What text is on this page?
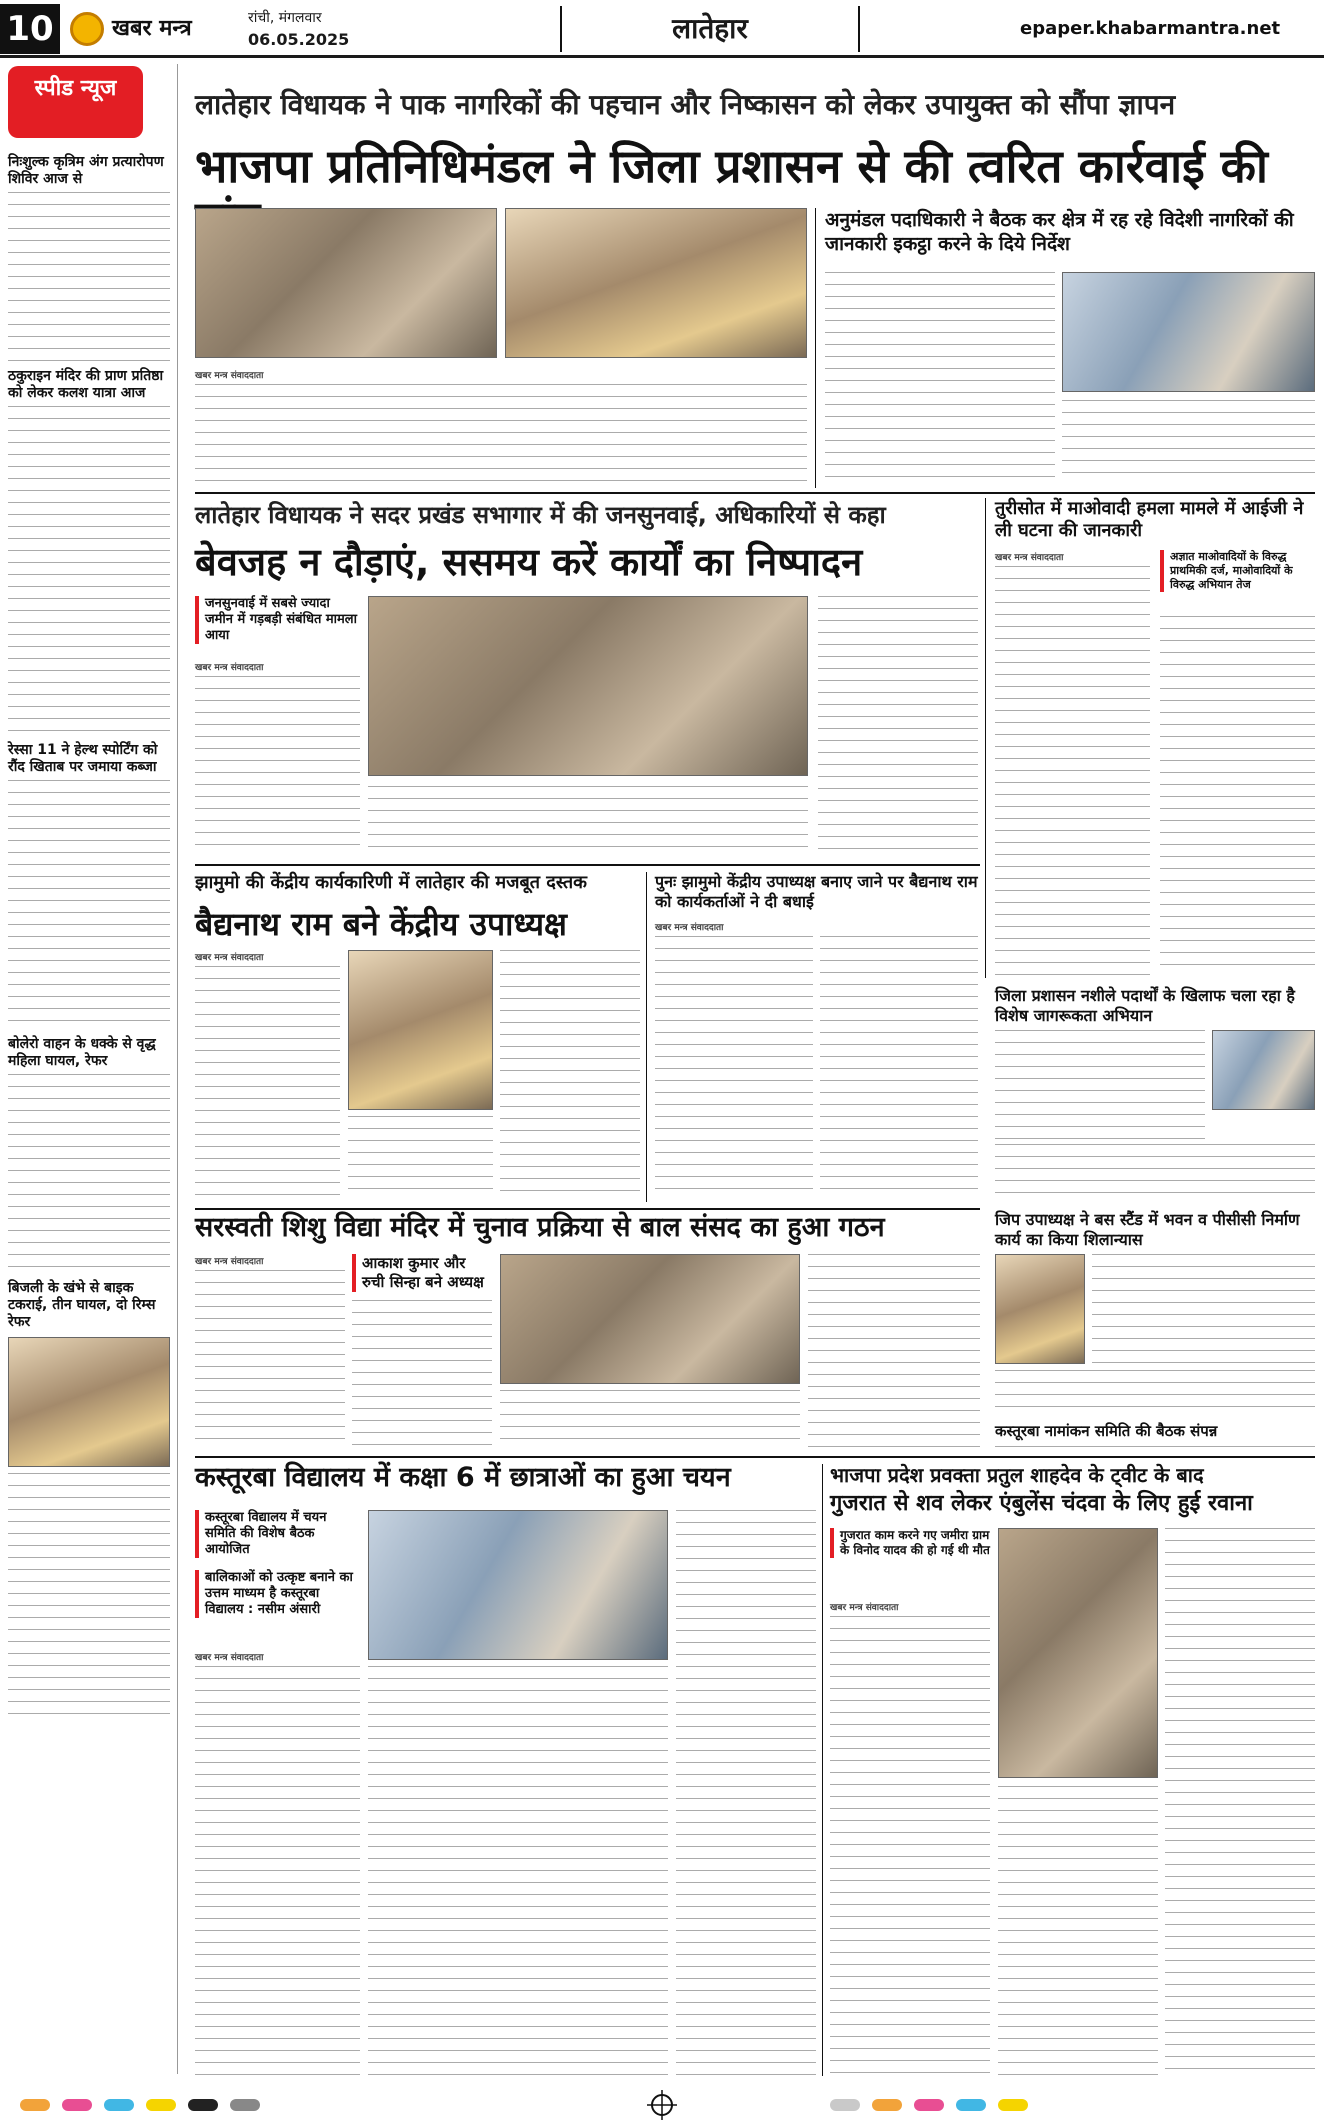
10	खबर मन्त्र	रांची, मंगलवार
06.05.2025	लातेहार	epaper.khabarmantra.net
स्पीड न्यूज
निःशुल्क कृत्रिम अंग प्रत्यारोपण शिविर आज से
ठकुराइन मंदिर की प्राण प्रतिष्ठा को लेकर कलश यात्रा आज
रेस्सा 11 ने हेल्थ स्पोर्टिंग को रौंद खिताब पर जमाया कब्जा
बोलेरो वाहन के धक्के से वृद्ध महिला घायल, रेफर
बिजली के खंभे से बाइक टकराई, तीन घायल, दो रिम्स रेफर
लातेहार विधायक ने पाक नागरिकों की पहचान और निष्कासन को लेकर उपायुक्त को सौंपा ज्ञापन
भाजपा प्रतिनिधिमंडल ने जिला प्रशासन से की त्वरित कार्रवाई की
खबर मन्त्र संवाददाता
अनुमंडल पदाधिकारी ने बैठक कर क्षेत्र में रह रहे विदेशी नागरिकों की जानकारी इकट्ठा करने के दिये निर्देश
लातेहार विधायक ने सदर प्रखंड सभागार में की जनसुनवाई, अधिकारियों से कहा
बेवजह न दौड़ाएं, ससमय करें कार्यों का निष्पादन
जनसुनवाई में सबसे ज्यादा जमीन में गड़बड़ी संबंधित मामला आया
खबर मन्त्र संवाददाता
तुरीसोत में माओवादी हमला मामले में आईजी ने ली घटना की जानकारी
खबर मन्त्र संवाददाता	अज्ञात माओवादियों के विरुद्ध प्राथमिकी दर्ज, माओवादियों के विरुद्ध अभियान तेज
झामुमो की केंद्रीय कार्यकारिणी में लातेहार की मजबूत दस्तक
बैद्यनाथ राम बने केंद्रीय उपाध्यक्ष
खबर मन्त्र संवाददाता
पुनः झामुमो केंद्रीय उपाध्यक्ष बनाए जाने पर बैद्यनाथ राम को कार्यकर्ताओं ने दी बधाई
खबर मन्त्र संवाददाता
जिला प्रशासन नशीले पदार्थों के खिलाफ चला रहा है विशेष जागरूकता अभियान
जिप उपाध्यक्ष ने बस स्टैंड में भवन व पीसीसी निर्माण कार्य का किया शिलान्यास
सरस्वती शिशु विद्या मंदिर में चुनाव प्रक्रिया से बाल संसद का हुआ गठन
खबर मन्त्र संवाददाता	आकाश कुमार और रुची सिन्हा बने अध्यक्ष
कस्तूरबा नामांकन समिति की बैठक संपन्न
कस्तूरबा विद्यालय में कक्षा 6 में छात्राओं का हुआ चयन
कस्तूरबा विद्यालय में चयन समिति की विशेष बैठक आयोजित
बालिकाओं को उत्कृष्ट बनाने का उत्तम माध्यम है कस्तूरबा विद्यालय : नसीम अंसारी
खबर मन्त्र संवाददाता
भाजपा प्रदेश प्रवक्ता प्रतुल शाहदेव के ट्वीट के बाद
गुजरात से शव लेकर एंबुलेंस चंदवा के लिए हुई रवाना
गुजरात काम करने गए जमीरा ग्राम के विनोद यादव की हो गई थी मौत
खबर मन्त्र संवाददाता
